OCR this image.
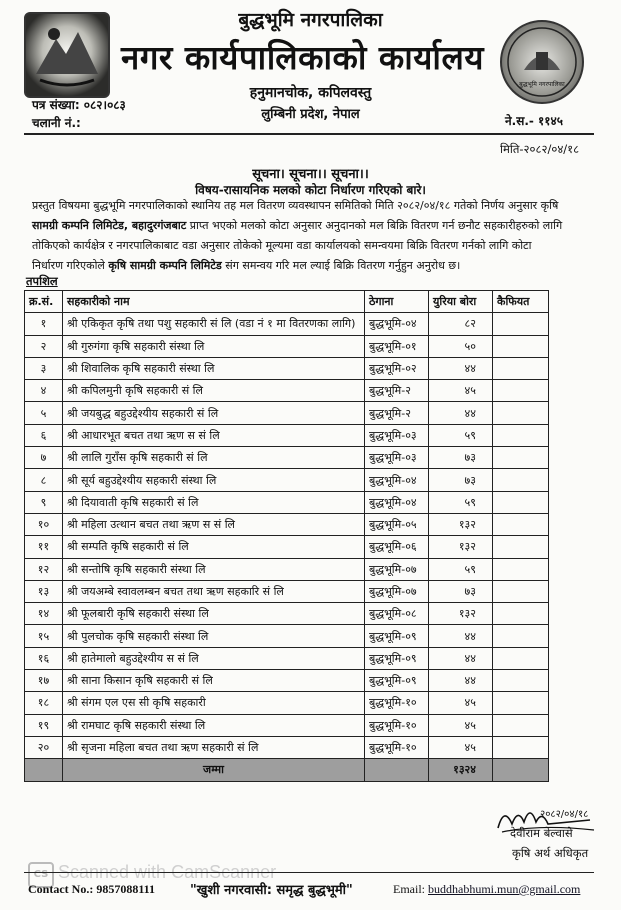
बुद्धभूमि नगरपालिका
बुद्धभूमि नगरपालिका
नगर कार्यपालिकाको कार्यालय
हनुमानचोक, कपिलवस्तु
लुम्बिनी प्रदेश, नेपाल
पत्र संख्या: ०८२।०८३
चलानी नं.:	ने.स.- ११४५
मिति-२०८२/०४/१८
सूचना। सूचना।। सूचना।।
विषय-रासायनिक मलको कोटा निर्धारण गरिएको बारे।
प्रस्तुत विषयमा बुद्धभूमि नगरपालिकाको स्थानिय तह मल वितरण व्यवस्थापन समितिको मिति २०८२/०४/१८ गतेको निर्णय अनुसार कृषि
सामग्री कम्पनि लिमिटेड, बहादुरगंजबाट प्राप्त भएको मलको कोटा अनुसार अनुदानको मल बिक्रि वितरण गर्न छनौट सहकारीहरुको लागि
तोकिएको कार्यक्षेत्र र नगरपालिकाबाट वडा अनुसार तोकेको मूल्यमा वडा कार्यालयको समन्वयमा बिक्रि वितरण गर्नको लागि कोटा
निर्धारण गरिएकोले कृषि सामग्री कम्पनि लिमिटेड संग समन्वय गरि मल ल्याई बिक्रि वितरण गर्नुहुन अनुरोध छ।
तपशिल
क्र.सं.	सहकारीको नाम	ठेगाना	युरिया बोरा	कैफियत
१	श्री एकिकृत कृषि तथा पशु सहकारी सं लि (वडा नं १ मा वितरणका लागि)	बुद्धभूमि-०४	८२	
२	श्री गुरुगंगा कृषि सहकारी संस्था लि	बुद्धभूमि-०१	५०	
३	श्री शिवालिक कृषि सहकारी संस्था लि	बुद्धभूमि-०२	४४	
४	श्री कपिलमुनी कृषि सहकारी सं लि	बुद्धभूमि-२	४५	
५	श्री जयबुद्ध बहुउद्देश्यीय सहकारी सं लि	बुद्धभूमि-२	४४	
६	श्री आधारभूत बचत तथा ऋण स सं लि	बुद्धभूमि-०३	५९	
७	श्री लालि गुराँस कृषि सहकारी सं लि	बुद्धभूमि-०३	७३	
८	श्री सूर्य बहुउद्देश्यीय सहकारी संस्था लि	बुद्धभूमि-०४	७३	
९	श्री दियावाती कृषि सहकारी सं लि	बुद्धभूमि-०४	५९	
१०	श्री महिला उत्थान बचत तथा ऋण स सं लि	बुद्धभूमि-०५	१३२	
११	श्री सम्पति कृषि सहकारी सं लि	बुद्धभूमि-०६	१३२	
१२	श्री सन्तोषि कृषि सहकारी संस्था लि	बुद्धभूमि-०७	५९	
१३	श्री जयअम्बे स्वावलम्बन बचत तथा ऋण सहकारि सं लि	बुद्धभूमि-०७	७३	
१४	श्री फूलबारी कृषि सहकारी संस्था लि	बुद्धभूमि-०८	१३२	
१५	श्री पुलचोक कृषि सहकारी संस्था लि	बुद्धभूमि-०९	४४	
१६	श्री हातेमालो बहुउद्देश्यीय स सं लि	बुद्धभूमि-०९	४४	
१७	श्री साना किसान कृषि सहकारी सं लि	बुद्धभूमि-०९	४४	
१८	श्री संगम एल एस सी कृषि सहकारी	बुद्धभूमि-१०	४५	
१९	श्री रामघाट कृषि सहकारी संस्था लि	बुद्धभूमि-१०	४५	
२०	श्री सृजना महिला बचत तथा ऋण सहकारी सं लि	बुद्धभूमि-१०	४५	
	जम्मा		१३२४	
२०८२/०४/१८
देवीराम बेल्वासे
कृषि अर्थ अधिकृत
CS Scanned with CamScanner
Contact No.: 9857088111	"खुशी नगरवासी: समृद्ध बुद्धभूमी"	Email: buddhabhumi.mun@gmail.com
